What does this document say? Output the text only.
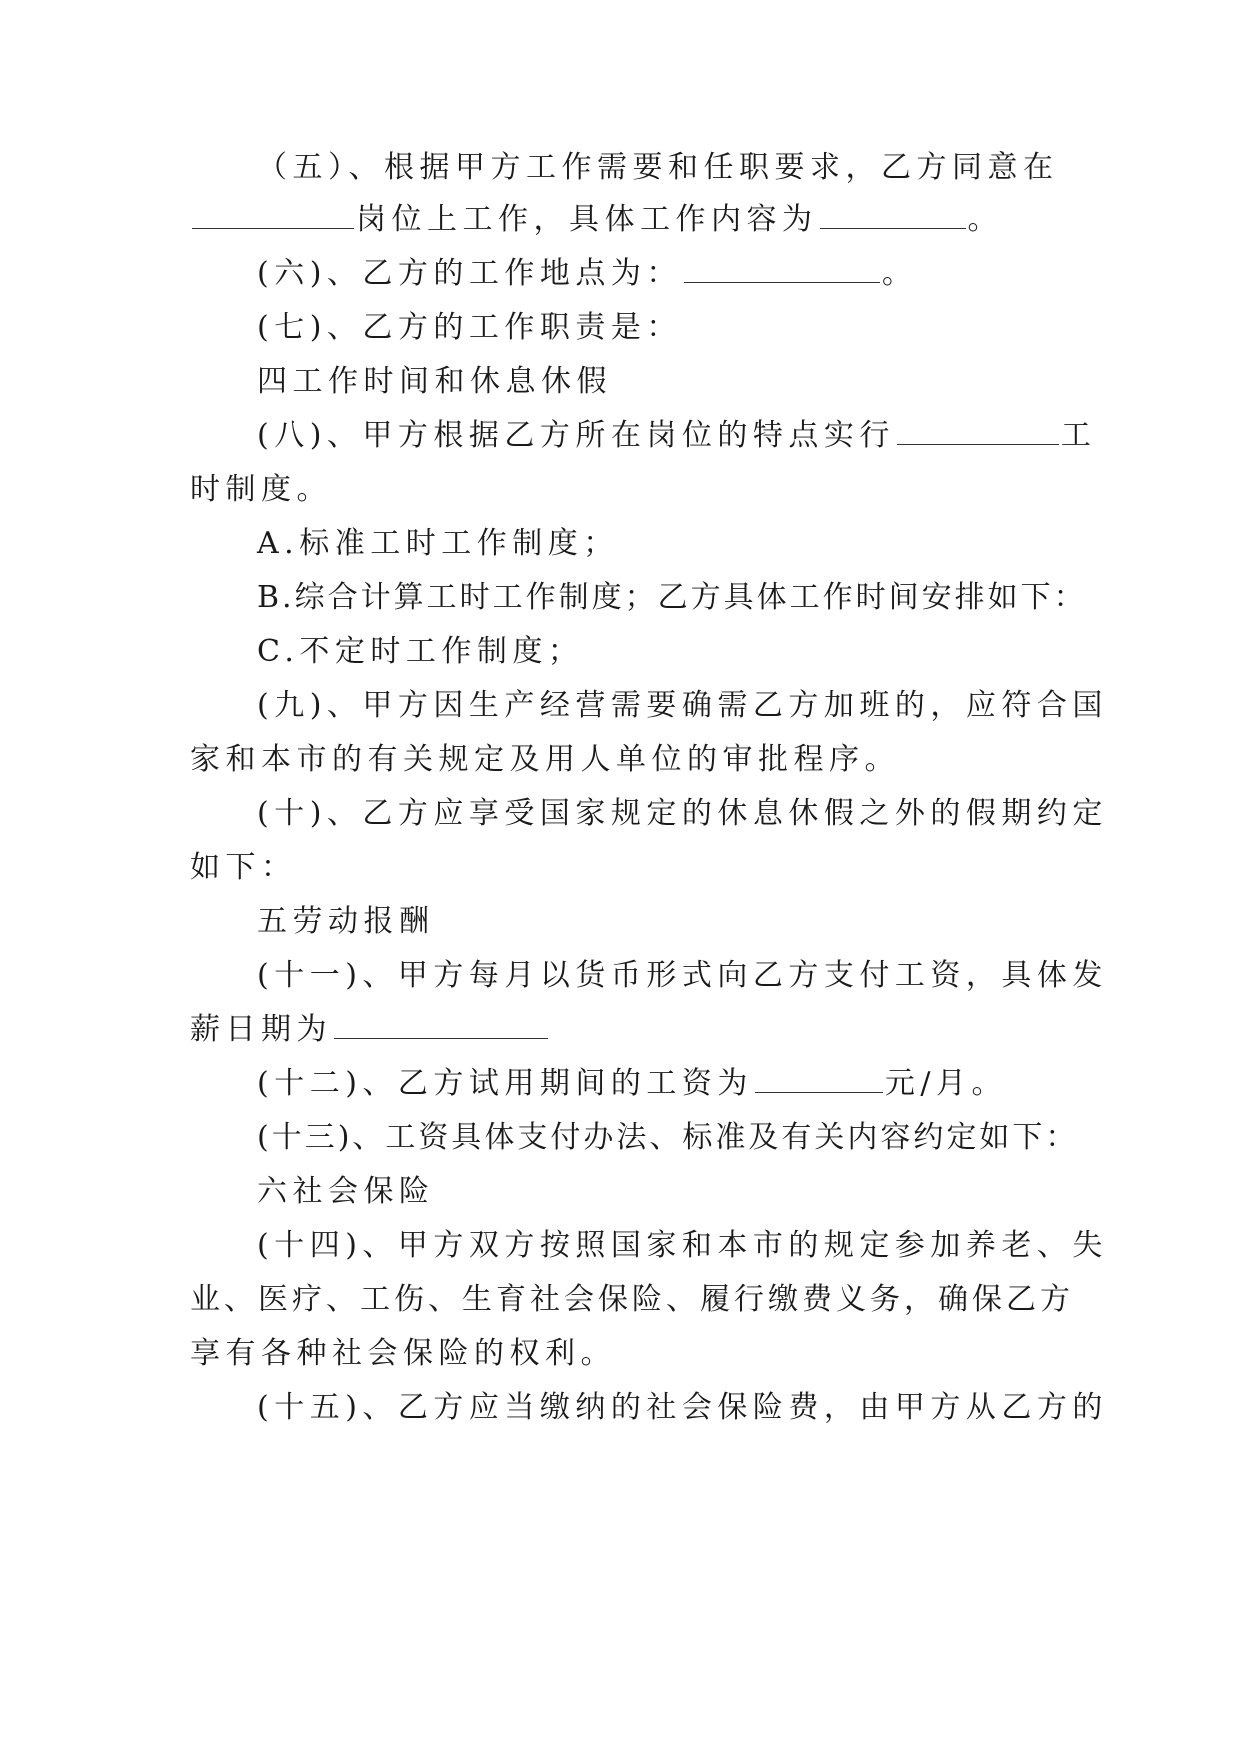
（五）、根据甲方工作需要和任职要求，乙方同意在
岗位上工作，具体工作内容为	。
(六)、乙方的工作地点为：	。
(七)、乙方的工作职责是：
四工作时间和休息休假
(八)、甲方根据乙方所在岗位的特点实行	工
时制度。
A.标准工时工作制度；
B.综合计算工时工作制度；乙方具体工作时间安排如下：
C.不定时工作制度；
(九)、甲方因生产经营需要确需乙方加班的，应符合国
家和本市的有关规定及用人单位的审批程序。
(十)、乙方应享受国家规定的休息休假之外的假期约定
如下：
五劳动报酬
(十一)、甲方每月以货币形式向乙方支付工资，具体发
薪日期为
(十二)、乙方试用期间的工资为	元/月。
(十三)、工资具体支付办法、标准及有关内容约定如下：
六社会保险
(十四)、甲方双方按照国家和本市的规定参加养老、失
业、医疗、工伤、生育社会保险、履行缴费义务，确保乙方
享有各种社会保险的权利。
(十五)、乙方应当缴纳的社会保险费，由甲方从乙方的
